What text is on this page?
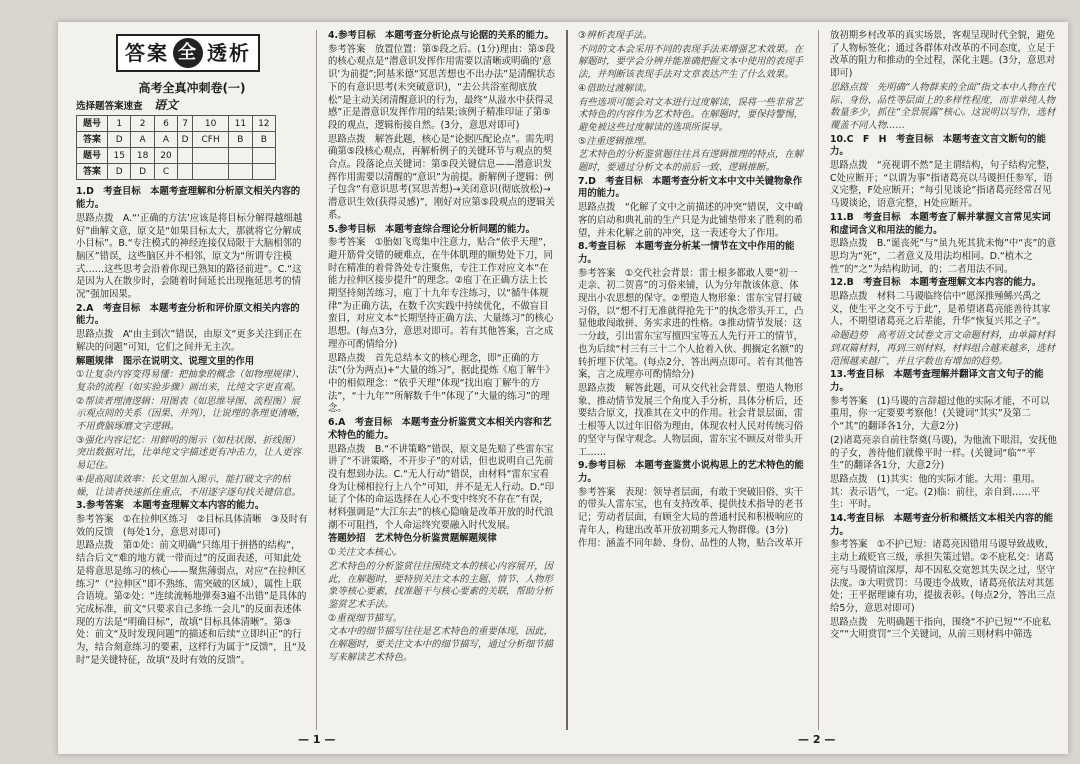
答案 全 透析
高考全真冲刺卷(一)
选择题答案速查 语文
题号	1	2	6	7	10	11	12
答案	D	A	A	D	CFH	B	B
题号	15	18	20				
答案	D	D	C				

1.D　考查目标　本题考查理解和分析原文相关内容的能力。

思路点拨　A.“‘正确的方法’应该是将目标分解得越细越好”曲解文意，原文是“如果目标太大，那就将它分解成小目标”。B.“专注模式的神经连接仅局限于大脑相邻的脑区”错误，这些脑区并不相邻，原文为“所谓专注模式……这些思考会沿着你现已熟知的路径前进”。C.“这是因为人在散步时，会随着时间延长出现拖延思考的情况”强加因果。

2.A　考查目标　本题考查分析和评价原文相关内容的能力。

思路点拨　A“由主到次”错误，由原文“更多关注到正在解决的问题”可知，它们之间并无主次。

解题规律　图示在说明文、说理文里的作用

①让复杂内容变得易懂：把抽象的概念（如物理规律）、复杂的流程（如实验步骤）画出来，比纯文字更直观。

②帮读者理清逻辑：用图表（如思维导图、流程图）展示观点间的关系（因果、并列），让说理的条理更清晰，不用费脑琢磨文字逻辑。

③强化内容记忆：用鲜明的图示（如柱状图、折线图）突出数据对比，比单纯文字描述更有冲击力，让人更容易记住。

④提高阅读效率：长文里加入图示，能打破文字的枯燥，让读者快速抓住重点，不用逐字逐句找关键信息。

3.参考答案　本题考查理解文本内容的能力。

参考答案　①在拉伸区练习　②目标具体清晰　③及时有效的反馈　(每处1分，意思对即可)

思路点拨　第①处：前文明确“只练用于拼搭的结构”，结合后文“难的地方就一带而过”的反面表述，可知此处是将意思是练习的核心——聚焦薄弱点，对应“在拉伸区练习”（“拉伸区”即不熟练、需突破的区域），属性上联合语境。第②处：“连续流畅地弹奏3遍不出错”是具体的完成标准，前文“只要求自己多练一会儿”的反面表述体现的方法是“明确目标”，故填“目标具体清晰”。第③处：前文“及时发现问题”的描述和后续“立即纠正”的行为，结合刻意练习的要素，这样行为属于“反馈”，且“及时”是关键特征，故填“及时有效的反馈”。

4.参考目标　本题考查分析论点与论据的关系的能力。

参考答案　放置位置：第⑤段之后。(1分)理由：第⑤段的核心观点是“潜意识发挥作用需要以清晰或明确的‘意识’为前提”;阿基米德“冥思苦想也不出办法”是清醒状态下的有意识思考(未突破意识)，“去公共浴室彻底放松”是主动关闭清醒意识的行为，最终“从溢水中获得灵感”正是潜意识发挥作用的结果;该例子精准印证了第⑤段的观点，逻辑衔接自然。(3分，意思对即可)

思路点拨　解答此题，核心是“论据匹配论点”。需先明确第⑤段核心观点，再解析例子的关键环节与观点的契合点。段落论点关键词：第⑤段关键信息——潜意识发挥作用需要以清醒的“意识”为前提。新解例子逻辑：例子包含“有意识思考(冥思苦想)→关闭意识(彻底放松)→潜意识生效(获得灵感)”，刚好对应第⑤段观点的逻辑关系。

5.参考目标　本题考查综合理论分析问题的能力。

参考答案　①胎如飞鸾集中注意力，贴合“依乎天理”，避开筋骨交错的硬难点，在牛体肌理的顺势处下刀，同时在精准的着骨咎处专注聚焦，专注工作对应文本“在能力拉伸区接步提升”的理念。②庖丁在正确方法上长期坚持刻苦练习，庖丁十九年专注练习，以“循牛体规律”为正确方法，在数千次实践中持续优化，不做盲目蛮目，对应文本“长期坚持正确方法、大量练习”的核心思想。(每点3分，意思对即可。若有其他答案，言之成理亦可酌情给分)

思路点拨　首先总结本文的核心理念，即“正确的方法”(分为两点)+“大量的练习”，据此提炼《庖丁解牛》中的相似理念：“依乎天理”体现“找出庖丁解牛的方法”，“十九年”“所解数千牛”体现了“大量的练习”的理念。

6.A　考查目标　本题考查分析鉴赏文本相关内容和艺术特色的能力。

思路点拨　B.“不讲策略”错误，原文是先赔了些雷东宝讲了“不讲策略，不开步子”的对话，但也说明自己先前没有想到办法。C.“无人行动”错误，由材料“雷东宝看身为让梯相拉行上八个”可知，并不是无人行动。D.“印证了个体的命运选择在人心不变中终究不存在”有误，材料强调是“大江东去”的核心隐喻是改革开放的时代浪潮不可阻挡，个人命运终究要融入时代发展。

答题妙招　艺术特色分析鉴赏题解题规律

①关注文本核心。

艺术特色的分析鉴赏往往围绕文本的核心内容展开，因此，在解题时，要特别关注文本的主题、情节、人物形象等核心要素，找准题干与核心要素的关联，帮助分析鉴赏艺术手法。

②重视细节描写。

文本中的细节描写往往是艺术特色的重要体现，因此，在解题时，要关注文本中的细节描写，通过分析细节描写来解读艺术特色。

③辨析表现手法。

不同的文本会采用不同的表现手法来增强艺术效果。在解题时，要学会分辨并能准确把握文本中使用的表现手法，并判断该表现手法对文章表达产生了什么效果。

④借助过渡解读。

有些选项可能会对文本进行过度解读，误将一些非常艺术特色的内容作为艺术特色。在解题时，要保持警惕，避免被这些过度解读的选项所误导。

⑤注重逻辑推理。

艺术特色的分析鉴赏题往往具有逻辑推理的特点，在解题时，要通过分析文本的前后一致、逻辑推断。

7.D　考查目标　本题考查分析文本中文中关键物象作用的能力。

思路点拨　“化解了文中之前描述的冲突”错误，文中崎客的启动和典礼前的生产只是为此铺垫带来了胜利的希望，并未化解之前的冲突，这一表述夸大了作用。

8.考查目标　本题考查分析某一情节在文中作用的能力。

参考答案　①交代社会背景：雷士根多都敢人要“初一走亲、初二贺喜”的习俗来铺，认为分年散该体意、体现出小农思想的保守。②塑造人物形象：雷东宝冒打破习俗，以“想不打无准就得抢先干”的执念带头开工，凸显他敢闯敢拼、务实求进的性格。③推动情节发展：这一分歧，引出雷东宝写擅四宝等五人先行开工的情节，也为后续“村三有三十二个人抢着入伙、拥搁定名额”的转折埋下伏笔。(每点2分，答出两点即可。若有其他答案，言之成理亦可酌情给分)

思路点拨　解答此题，可从交代社会背景、塑造人物形象、推动情节发展三个角度入手分析，具体分析后，还要结合原文，找准其在文中的作用。社会背景层面，雷士根等人以过年旧俗为理由，体现农村人民对传统习俗的坚守与保守观念。人物层面，雷东宝不顾反对带头开工……

9.参考目标　本题考查鉴赏小说构思上的艺术特色的能力。

参考答案　表现：领导者层面，有敢于突破旧俗、实干的带头人雷东宝，也有支持改革、提供技术指导的老书记；劳动者层面，有顾全大局的普通村民和积极响应的青年人，构建出改革开放初期多元人物群像。(3分)

作用：涵盖不同年龄、身份、品性的人物，贴合改革开

放初期乡村改革的真实场景，客观呈现时代全貌，避免了人物标签化；通过各群体对改革的不同态度，立足于改革的阻力和推动的全过程，深化主题。(3分，意思对即可)

思路点拨　先明确“人物群来的全面”指文本中人物在代际、身份、品性等层面上的多样性程度，而非单纯人物数量多少，抓住“全景展露”核心。这说明以写作，选材覆盖不同人物……

10.C　F　H　考查目标　本题考查文言文断句的能力。

思路点拨　“亮视谓不然”是主谓结构，句子结构完整，C处应断开；“以谓为事”指诸葛亮以马谡担任参军，语义完整，F处应断开；“每引见谈论”指诸葛亮经常召见马谡谈论，语意完整，H处应断开。

11.B　考查目标　本题考查了解并掌握文言常见实词和虚词含义和用法的能力。

思路点拨　B.“诞丧死”与“虽九死其犹未悔”中“丧”的意思均为“死”，二者意义及用法均相同。D.“植木之性”的“之”为结构助词，的；二者用法不同。

12.B　考查目标　本题考查理解文本内容的能力。

思路点拨　材料二马谡临终信中“愿深推殛鲧兴禹之义，使生平之交不亏于此”，是希望诸葛亮能善待其家人，不期望诸葛亮之后辈能，升华“恢复兴邦之子”。

命题趋势　高考语文试卷文言文命题材料，由单篇材料到双篇材料，再到三则材料，材料组合越来越多，选材范围越来越广，并且字数也有增加的趋势。

13.考查目标　本题考查理解并翻译文言文句子的能力。

参考答案　(1)马谡的言辞超过他的实际才能，不可以重用，你一定要要考察他！(关键词“其实”及第二个“其”的翻译各1分，大意2分)

(2)诸葛亮亲自前往祭奠(马谡)，为他流下眼泪，安抚他的子女，善待他们就像平时一样。(关键词“临”“平生”的翻译各1分，大意2分)

思路点拨　(1)其实：他的实际才能。大用：重用。其：表示语气，一定。(2)临：前往，亲自到……平生：平时。

14.考查目标　本题考查分析和概括文本相关内容的能力。

参考答案　①不护已短：诸葛亮因错用马谡导致战败，主动上疏贬官三级，承担失策过错。②不庇私交：诸葛亮与马谡情谊深厚，却不因私交宽恕其失误之过，坚守法度。③大明赏罚：马谡违令战败，诸葛亮依法对其惩处；王平据理谏有功，提拔表彰。(每点2分，答出三点给5分，意思对即可)

思路点拨　先明确题干指向，围绕“不护已短”“不庇私交”“大明赏罚”三个关键词，从前三则材料中筛选

— 1 —	— 2 —
